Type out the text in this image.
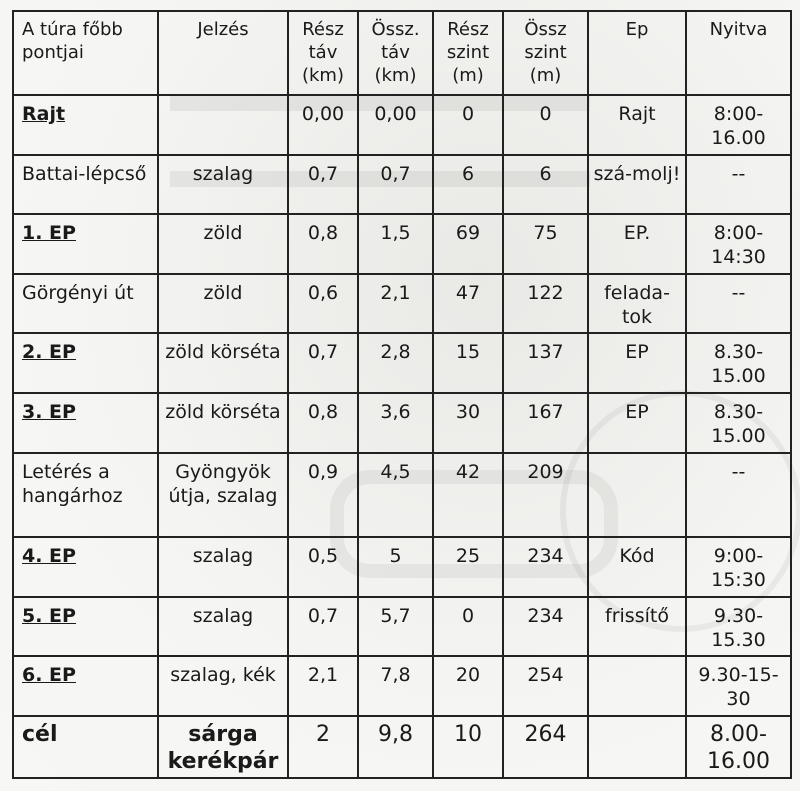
A túra főbb pontjai	Jelzés	Rész táv (km)	Össz. táv (km)	Rész szint (m)	Össz szint (m)	Ep	Nyitva
Rajt		0,00	0,00	0	0	Rajt	8:00-16.00
Battai-lépcső	szalag	0,7	0,7	6	6	szá-molj!	--
1. EP	zöld	0,8	1,5	69	75	EP.	8:00-14:30
Görgényi út	zöld	0,6	2,1	47	122	felada-tok	--
2. EP	zöld körséta	0,7	2,8	15	137	EP	8.30-15.00
3. EP	zöld körséta	0,8	3,6	30	167	EP	8.30-15.00
Letérés a hangárhoz	Gyöngyök útja, szalag	0,9	4,5	42	209		--
4. EP	szalag	0,5	5	25	234	Kód	9:00-15:30
5. EP	szalag	0,7	5,7	0	234	frissítő	9.30-15.30
6. EP	szalag, kék	2,1	7,8	20	254		9.30-15-30
cél	sárga kerékpár	2	9,8	10	264		8.00-16.00
